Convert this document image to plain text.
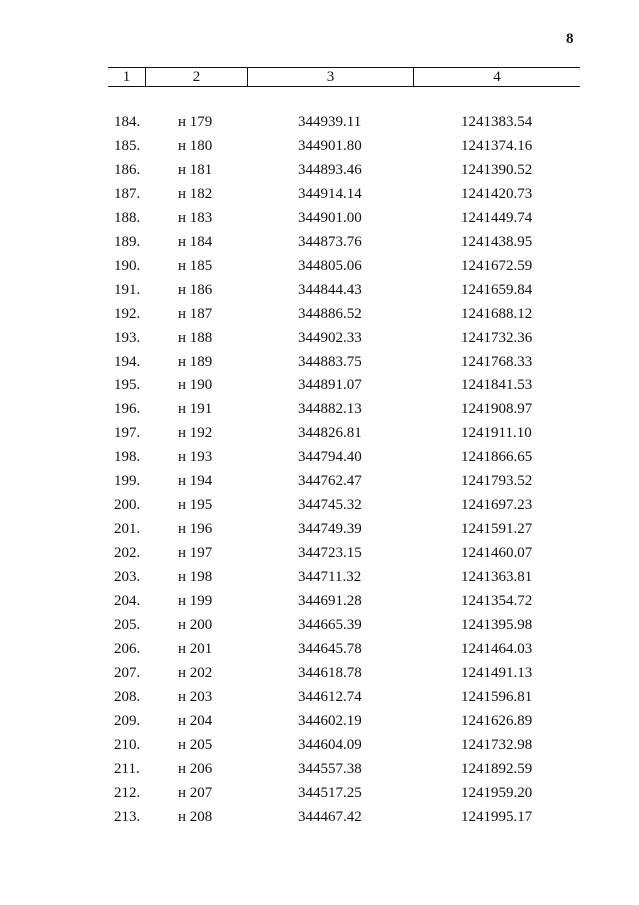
8
1	2	3	4
184.	н 179	344939.11	1241383.54
185.	н 180	344901.80	1241374.16
186.	н 181	344893.46	1241390.52
187.	н 182	344914.14	1241420.73
188.	н 183	344901.00	1241449.74
189.	н 184	344873.76	1241438.95
190.	н 185	344805.06	1241672.59
191.	н 186	344844.43	1241659.84
192.	н 187	344886.52	1241688.12
193.	н 188	344902.33	1241732.36
194.	н 189	344883.75	1241768.33
195.	н 190	344891.07	1241841.53
196.	н 191	344882.13	1241908.97
197.	н 192	344826.81	1241911.10
198.	н 193	344794.40	1241866.65
199.	н 194	344762.47	1241793.52
200.	н 195	344745.32	1241697.23
201.	н 196	344749.39	1241591.27
202.	н 197	344723.15	1241460.07
203.	н 198	344711.32	1241363.81
204.	н 199	344691.28	1241354.72
205.	н 200	344665.39	1241395.98
206.	н 201	344645.78	1241464.03
207.	н 202	344618.78	1241491.13
208.	н 203	344612.74	1241596.81
209.	н 204	344602.19	1241626.89
210.	н 205	344604.09	1241732.98
211.	н 206	344557.38	1241892.59
212.	н 207	344517.25	1241959.20
213.	н 208	344467.42	1241995.17
